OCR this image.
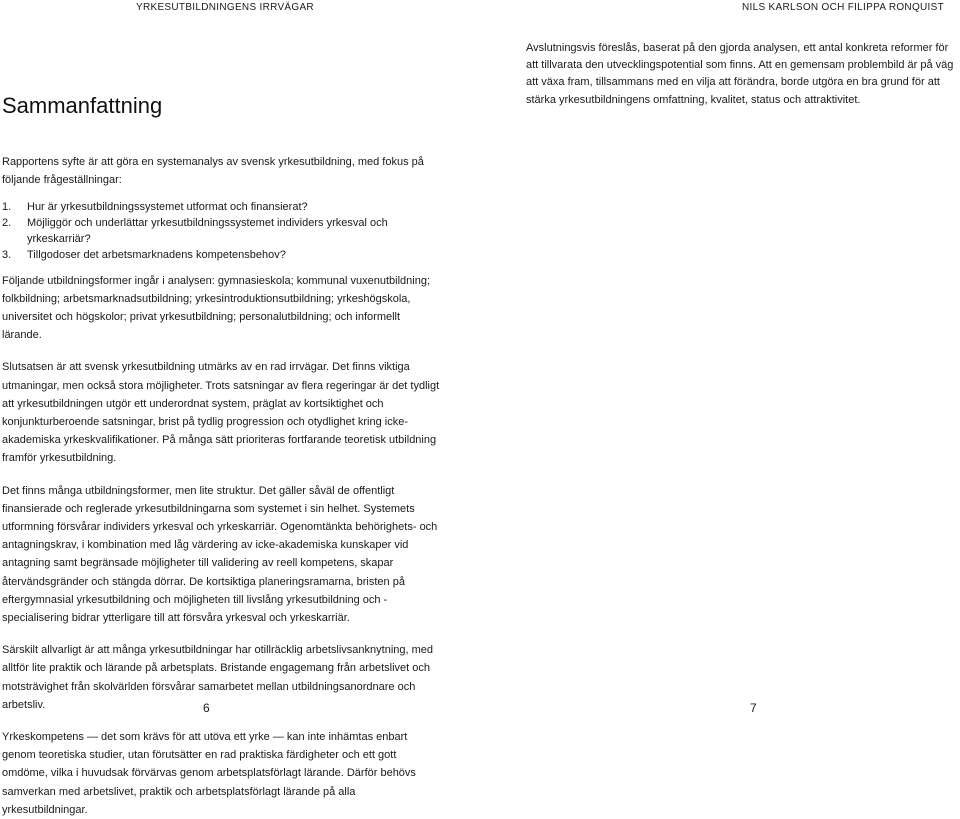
YRKESUTBILDNINGENS IRRVÄGAR	NILS KARLSON OCH FILIPPA RONQUIST
Sammanfattning

Avslutningsvis föreslås, baserat på den gjorda analysen, ett antal konkreta reformer för att tillvarata den utvecklingspotential som finns. Att en gemensam problembild är på väg att växa fram, tillsammans med en vilja att förändra, borde utgöra en bra grund för att stärka yrkesutbildningens omfattning, kvalitet, status och attraktivitet.

Rapportens syfte är att göra en systemanalys av svensk yrkesutbildning, med fokus på följande frågeställningar:

1.	Hur är yrkesutbildningssystemet utformat och finansierat?
2.	Möjliggör och underlättar yrkesutbildningssystemet individers yrkesval och yrkeskarriär?
3.	Tillgodoser det arbetsmarknadens kompetensbehov?

Följande utbildningsformer ingår i analysen: gymnasieskola; kommunal vuxenutbildning; folkbildning; arbetsmarknadsutbildning; yrkesintroduktionsutbildning; yrkeshögskola, universitet och högskolor; privat yrkesutbildning; personalutbildning; och informellt lärande.

Slutsatsen är att svensk yrkesutbildning utmärks av en rad irrvägar. Det finns viktiga utmaningar, men också stora möjligheter. Trots satsningar av flera regeringar är det tydligt att yrkesutbildningen utgör ett underordnat system, präglat av kortsiktighet och konjunkturberoende satsningar, brist på tydlig progression och otydlighet kring icke-akademiska yrkeskvalifikationer. På många sätt prioriteras fortfarande teoretisk utbildning framför yrkesutbildning.

Det finns många utbildningsformer, men lite struktur. Det gäller såväl de offentligt finansierade och reglerade yrkesutbildningarna som systemet i sin helhet. Systemets utformning försvårar individers yrkesval och yrkeskarriär. Ogenomtänkta behörighets- och antagningskrav, i kombination med låg värdering av icke-akademiska kunskaper vid antagning samt begränsade möjligheter till validering av reell kompetens, skapar återvändsgränder och stängda dörrar. De kortsiktiga planeringsramarna, bristen på eftergymnasial yrkesutbildning och möjligheten till livslång yrkesutbildning och -specialisering bidrar ytterligare till att försvåra yrkesval och yrkeskarriär.

Särskilt allvarligt är att många yrkesutbildningar har otillräcklig arbetslivsanknytning, med alltför lite praktik och lärande på arbetsplats. Bristande engagemang från arbetslivet och motsträvighet från skolvärlden försvårar samarbetet mellan utbildningsanordnare och arbetsliv.

Yrkeskompetens — det som krävs för att utöva ett yrke — kan inte inhämtas enbart genom teoretiska studier, utan förutsätter en rad praktiska färdigheter och ett gott omdöme, vilka i huvudsak förvärvas genom arbetsplatsförlagt lärande. Därför behövs samverkan med arbetslivet, praktik och arbetsplatsförlagt lärande på alla yrkesutbildningar.

6	7
